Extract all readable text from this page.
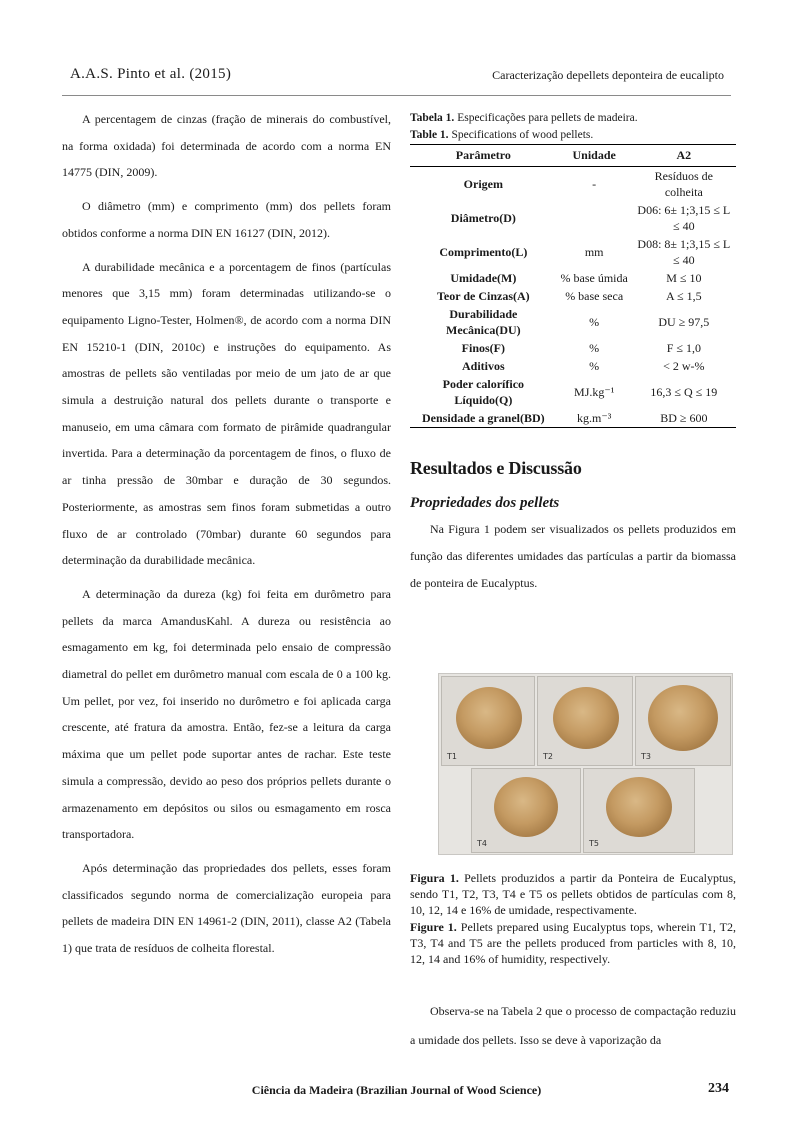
A.A.S. Pinto et al. (2015)	Caracterização depellets deponteira de eucalipto

A percentagem de cinzas (fração de minerais do combustível, na forma oxidada) foi determinada de acordo com a norma EN 14775 (DIN, 2009).

O diâmetro (mm) e comprimento (mm) dos pellets foram obtidos conforme a norma DIN EN 16127 (DIN, 2012).

A durabilidade mecânica e a porcentagem de finos (partículas menores que 3,15 mm) foram determinadas utilizando-se o equipamento Ligno-Tester, Holmen®, de acordo com a norma DIN EN 15210-1 (DIN, 2010c) e instruções do equipamento. As amostras de pellets são ventiladas por meio de um jato de ar que simula a destruição natural dos pellets durante o transporte e manuseio, em uma câmara com formato de pirâmide quadrangular invertida. Para a determinação da porcentagem de finos, o fluxo de ar tinha pressão de 30mbar e duração de 30 segundos. Posteriormente, as amostras sem finos foram submetidas a outro fluxo de ar controlado (70mbar) durante 60 segundos para determinação da durabilidade mecânica.

A determinação da dureza (kg) foi feita em durômetro para pellets da marca AmandusKahl. A dureza ou resistência ao esmagamento em kg, foi determinada pelo ensaio de compressão diametral do pellet em durômetro manual com escala de 0 a 100 kg. Um pellet, por vez, foi inserido no durômetro e foi aplicada carga crescente, até fratura da amostra. Então, fez-se a leitura da carga máxima que um pellet pode suportar antes de rachar. Este teste simula a compressão, devido ao peso dos próprios pellets durante o armazenamento em depósitos ou silos ou esmagamento em rosca transportadora.

Após determinação das propriedades dos pellets, esses foram classificados segundo norma de comercialização europeia para pellets de madeira DIN EN 14961-2 (DIN, 2011), classe A2 (Tabela 1) que trata de resíduos de colheita florestal.

Tabela 1. Especificações para pellets de madeira.
Table 1. Specifications of wood pellets.
Parâmetro	Unidade	A2
Origem	-	Resíduos de colheita
Diâmetro(D)		D06: 6± 1;3,15 ≤ L ≤ 40
Comprimento(L)	mm	D08: 8± 1;3,15 ≤ L ≤ 40
Umidade(M)	% base úmida	M ≤ 10
Teor de Cinzas(A)	% base seca	A ≤ 1,5
Durabilidade Mecânica(DU)	%	DU ≥ 97,5
Finos(F)	%	F ≤ 1,0
Aditivos	%	< 2 w-%
Poder calorífico Líquido(Q)	MJ.kg⁻¹	16,3 ≤ Q ≤ 19
Densidade a granel(BD)	kg.m⁻³	BD ≥ 600
Resultados e Discussão
Propriedades dos pellets

Na Figura 1 podem ser visualizados os pellets produzidos em função das diferentes umidades das partículas a partir da biomassa de ponteira de Eucalyptus.

T1	T2	T3
T4	T5

Figura 1. Pellets produzidos a partir da Ponteira de Eucalyptus, sendo T1, T2, T3, T4 e T5 os pellets obtidos de partículas com 8, 10, 12, 14 e 16% de umidade, respectivamente.

Figure 1. Pellets prepared using Eucalyptus tops, wherein T1, T2, T3, T4 and T5 are the pellets produced from particles with 8, 10, 12, 14 and 16% of humidity, respectively.

Observa-se na Tabela 2 que o processo de compactação reduziu a umidade dos pellets. Isso se deve à vaporização da

Ciência da Madeira (Brazilian Journal of Wood Science)	234
